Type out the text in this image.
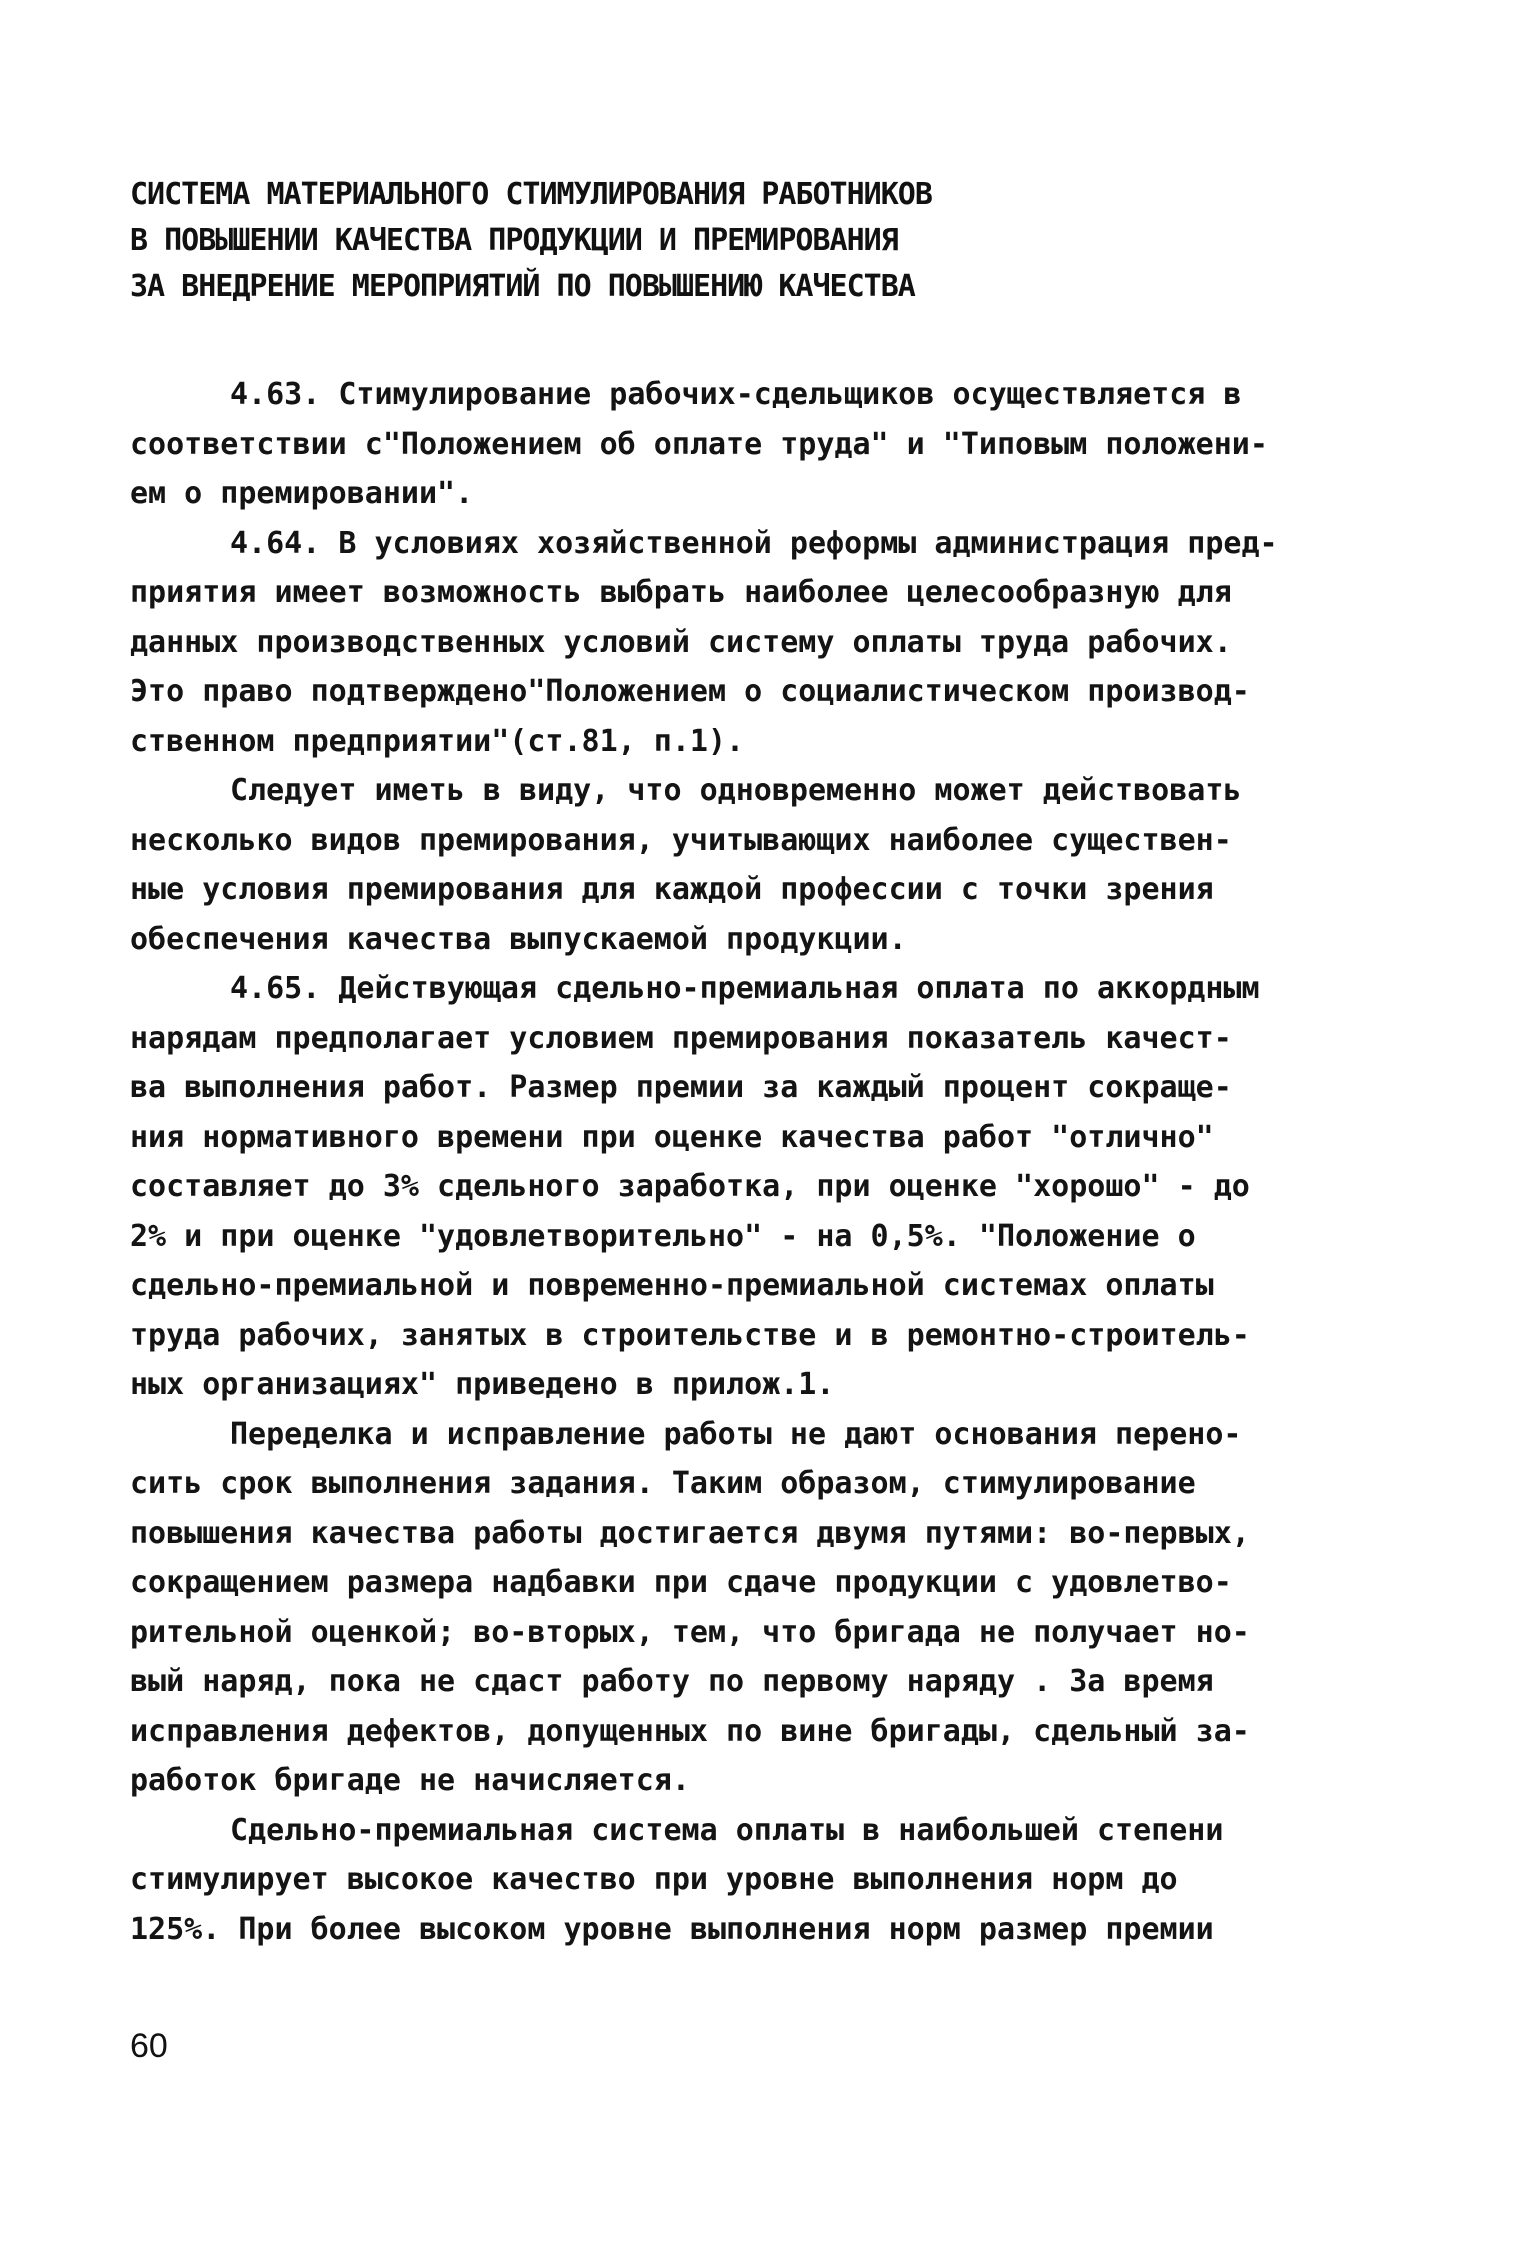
СИСТЕМА МАТЕРИАЛЬНОГО СТИМУЛИРОВАНИЯ РАБОТНИКОВ
В ПОВЫШЕНИИ КАЧЕСТВА ПРОДУКЦИИ И ПРЕМИРОВАНИЯ
ЗА ВНЕДРЕНИЕ МЕРОПРИЯТИЙ ПО ПОВЫШЕНИЮ КАЧЕСТВА
4.63. Стимулирование рабочих-сдельщиков осуществляется в
соответствии с"Положением об оплате труда" и "Типовым положени-
ем о премировании".
4.64. В условиях хозяйственной реформы администрация пред-
приятия имеет возможность выбрать наиболее целесообразную для
данных производственных условий систему оплаты труда рабочих.
Это право подтверждено"Положением о социалистическом производ-
ственном предприятии"(ст.81, п.1).
Следует иметь в виду, что одновременно может действовать
несколько видов премирования, учитывающих наиболее существен-
ные условия премирования для каждой профессии с точки зрения
обеспечения качества выпускаемой продукции.
4.65. Действующая сдельно-премиальная оплата по аккордным
нарядам предполагает условием премирования показатель качест-
ва выполнения работ. Размер премии за каждый процент сокраще-
ния нормативного времени при оценке качества работ "отлично"
составляет до 3% сдельного заработка, при оценке "хорошо" - до
2% и при оценке "удовлетворительно" - на 0,5%. "Положение о
сдельно-премиальной и повременно-премиальной системах оплаты
труда рабочих, занятых в строительстве и в ремонтно-строитель-
ных организациях" приведено в прилож.1.
Переделка и исправление работы не дают основания перено-
сить срок выполнения задания. Таким образом, стимулирование
повышения качества работы достигается двумя путями: во-первых,
сокращением размера надбавки при сдаче продукции с удовлетво-
рительной оценкой; во-вторых, тем, что бригада не получает но-
вый наряд, пока не сдаст работу по первому наряду . За время
исправления дефектов, допущенных по вине бригады, сдельный за-
работок бригаде не начисляется.
Сдельно-премиальная система оплаты в наибольшей степени
стимулирует высокое качество при уровне выполнения норм до
125%. При более высоком уровне выполнения норм размер премии
60
